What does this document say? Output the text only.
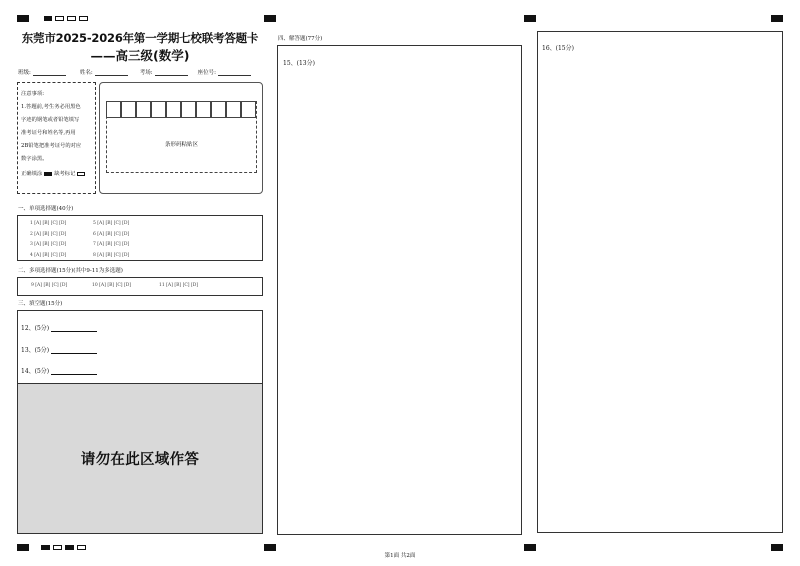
东莞市2025-2026年第一学期七校联考答题卡
——高三级(数学)
班级:	姓名:	考场:	座位号:

注意事项:

1.答题前,考生务必用黑色

字迹的钢笔或者铅笔填写

准考证号和姓名等,再用

2B铅笔把准考证号的对应

数字涂黑。

正确填涂 缺考标记

条形码粘贴区
一、单项选择题(40分)
1 [A] [B] [C] [D]
2 [A] [B] [C] [D]
3 [A] [B] [C] [D]
4 [A] [B] [C] [D]
5 [A] [B] [C] [D]
6 [A] [B] [C] [D]
7 [A] [B] [C] [D]
8 [A] [B] [C] [D]
二、多项选择题(15分)(其中9-11为多选题)
9 [A] [B] [C] [D]	10 [A] [B] [C] [D]	11 [A] [B] [C] [D]
三、填空题(15分)
12、(5分)
13、(5分)
14、(5分)
请勿在此区域作答
四、解答题(77分)
15、(13分)
16、(15分)
第1面 共2面
